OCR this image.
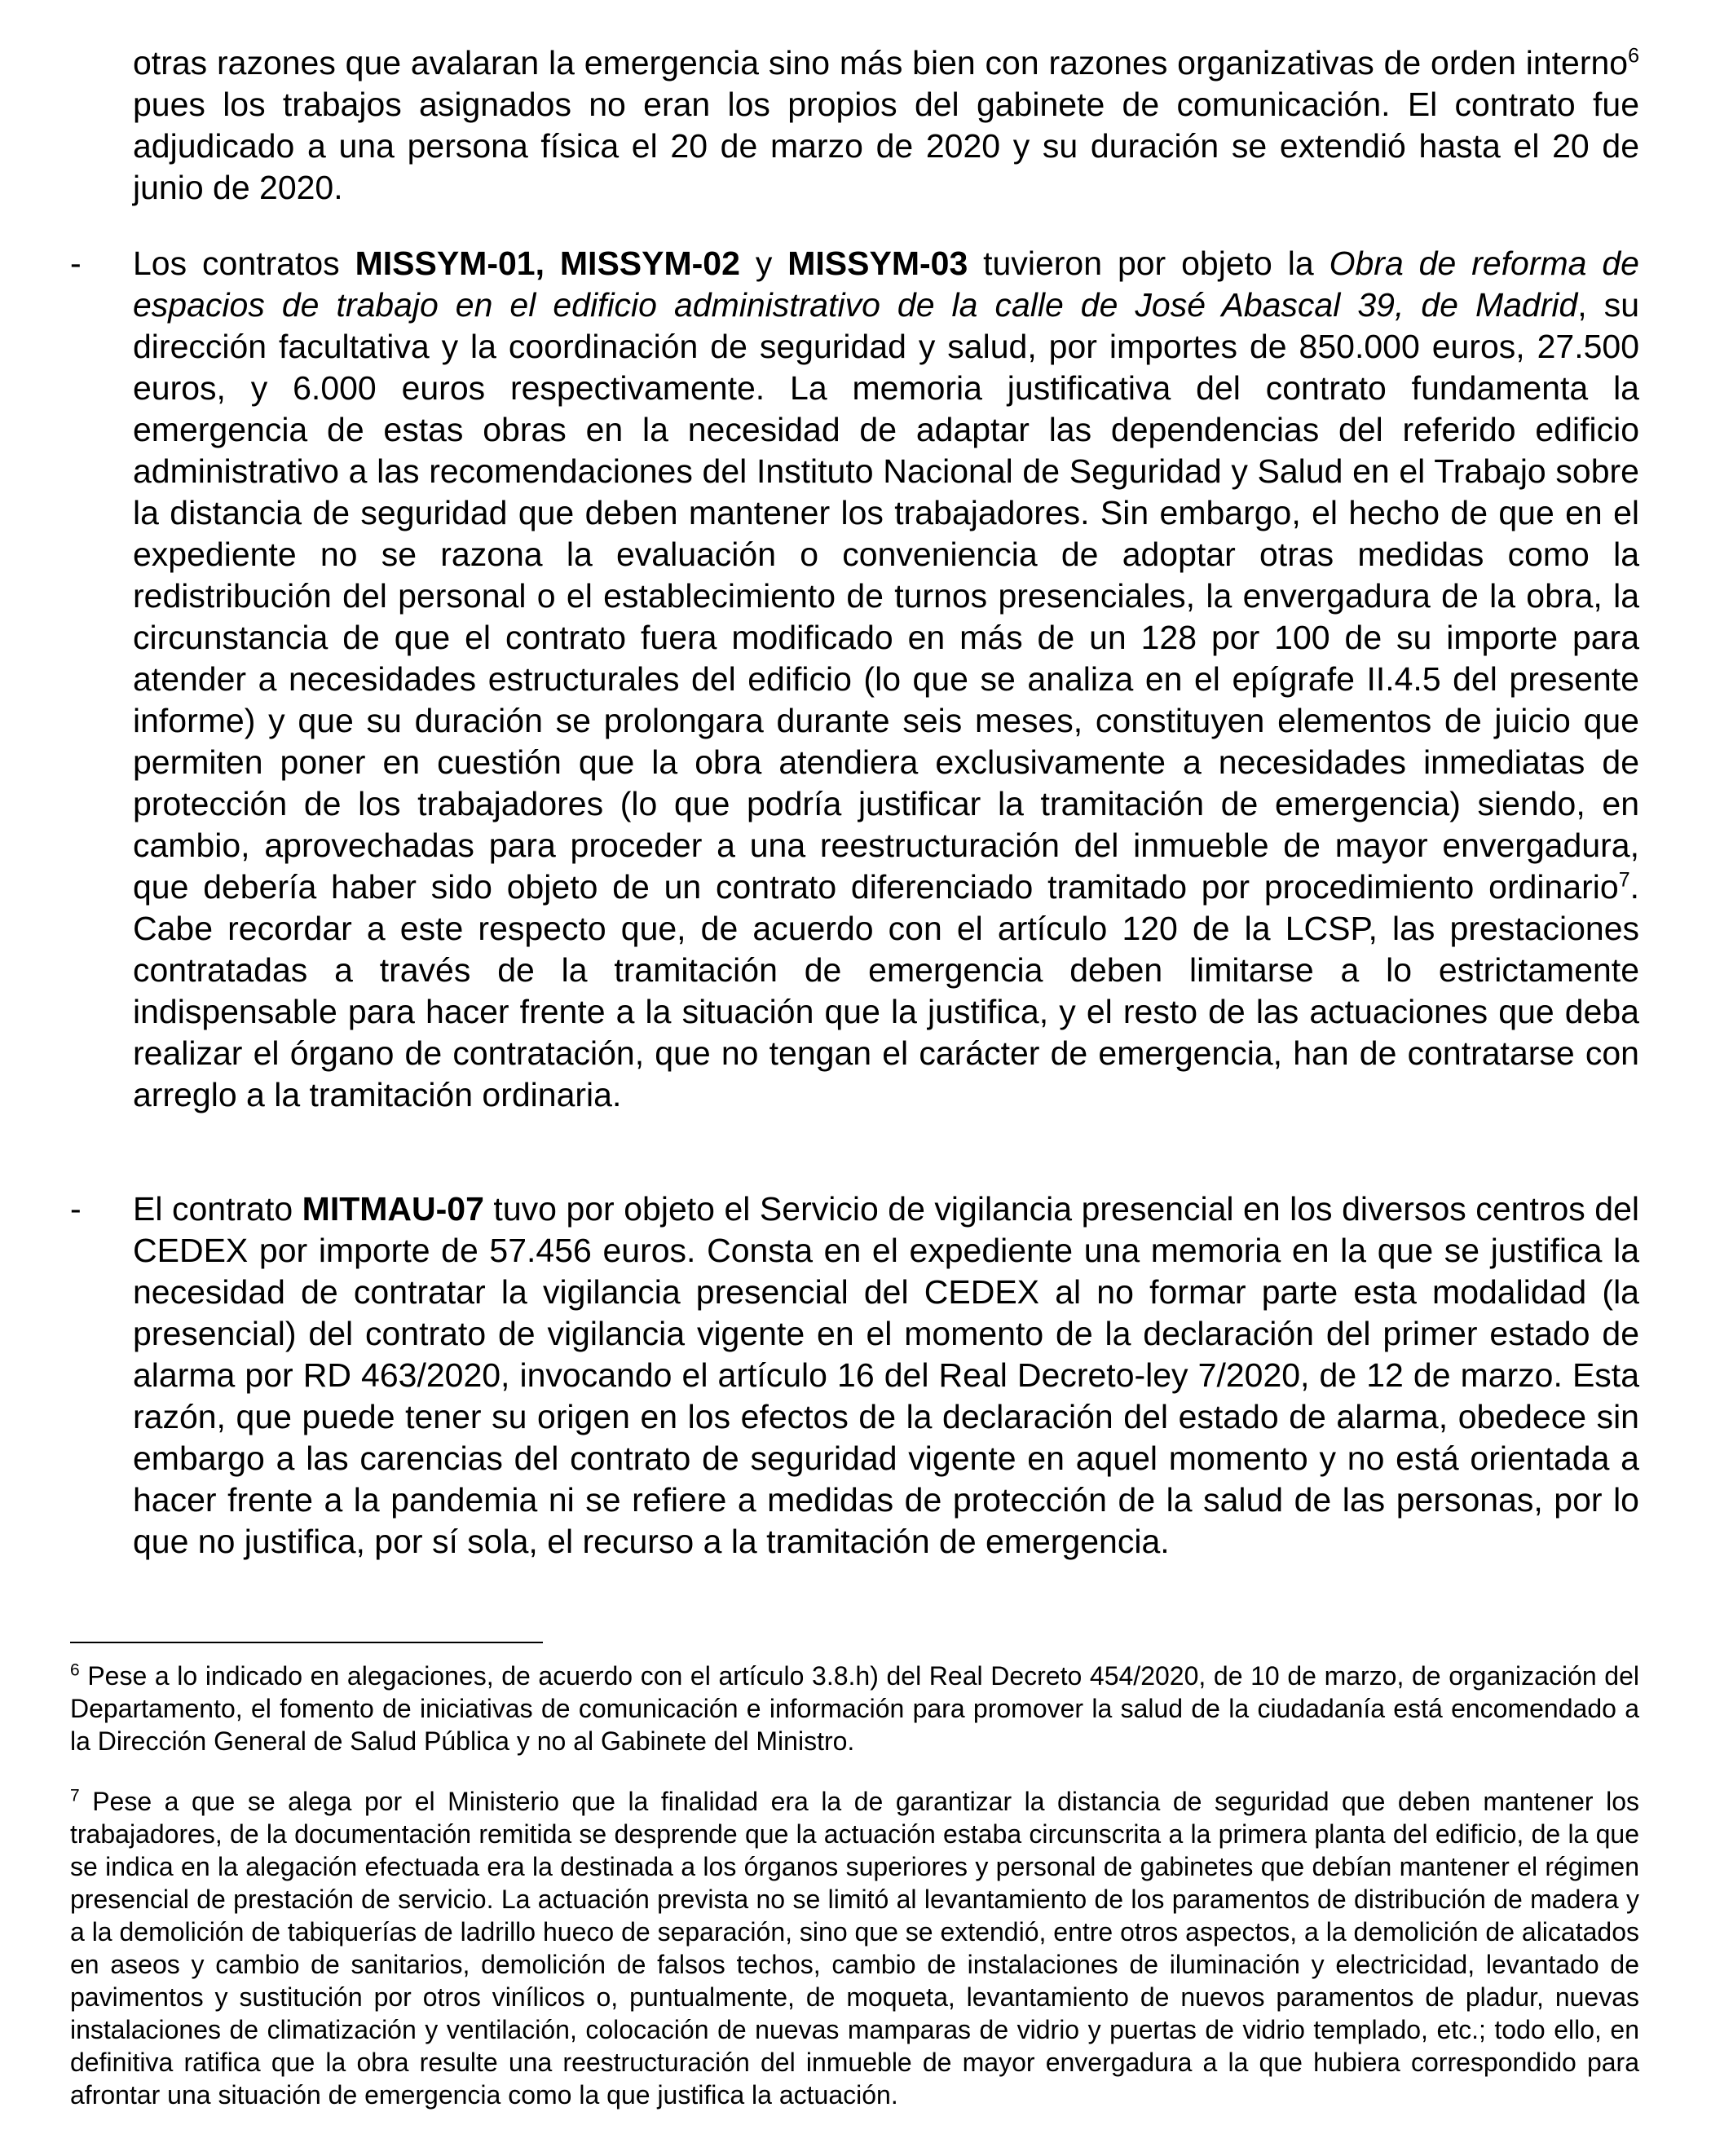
otras razones que avalaran la emergencia sino más bien con razones organizativas de orden interno$^6$ pues los trabajos asignados no eran los propios del gabinete de comunicación. El contrato fue adjudicado a una persona física el 20 de marzo de 2020 y su duración se extendió hasta el 20 de junio de 2020.
-	Los contratos MISSYM-01, MISSYM-02 y MISSYM-03 tuvieron por objeto la Obra de reforma de espacios de trabajo en el edificio administrativo de la calle de José Abascal 39, de Madrid, su dirección facultativa y la coordinación de seguridad y salud, por importes de 850.000 euros, 27.500 euros, y 6.000 euros respectivamente. La memoria justificativa del contrato fundamenta la emergencia de estas obras en la necesidad de adaptar las dependencias del referido edificio administrativo a las recomendaciones del Instituto Nacional de Seguridad y Salud en el Trabajo sobre la distancia de seguridad que deben mantener los trabajadores. Sin embargo, el hecho de que en el expediente no se razona la evaluación o conveniencia de adoptar otras medidas como la redistribución del personal o el establecimiento de turnos presenciales, la envergadura de la obra, la circunstancia de que el contrato fuera modificado en más de un 128 por 100 de su importe para atender a necesidades estructurales del edificio (lo que se analiza en el epígrafe II.4.5 del presente informe) y que su duración se prolongara durante seis meses, constituyen elementos de juicio que permiten poner en cuestión que la obra atendiera exclusivamente a necesidades inmediatas de protección de los trabajadores (lo que podría justificar la tramitación de emergencia) siendo, en cambio, aprovechadas para proceder a una reestructuración del inmueble de mayor envergadura, que debería haber sido objeto de un contrato diferenciado tramitado por procedimiento ordinario$^7$. Cabe recordar a este respecto que, de acuerdo con el artículo 120 de la LCSP, las prestaciones contratadas a través de la tramitación de emergencia deben limitarse a lo estrictamente indispensable para hacer frente a la situación que la justifica, y el resto de las actuaciones que deba realizar el órgano de contratación, que no tengan el carácter de emergencia, han de contratarse con arreglo a la tramitación ordinaria.
-	El contrato MITMAU-07 tuvo por objeto el Servicio de vigilancia presencial en los diversos centros del CEDEX por importe de 57.456 euros. Consta en el expediente una memoria en la que se justifica la necesidad de contratar la vigilancia presencial del CEDEX al no formar parte esta modalidad (la presencial) del contrato de vigilancia vigente en el momento de la declaración del primer estado de alarma por RD 463/2020, invocando el artículo 16 del Real Decreto-ley 7/2020, de 12 de marzo. Esta razón, que puede tener su origen en los efectos de la declaración del estado de alarma, obedece sin embargo a las carencias del contrato de seguridad vigente en aquel momento y no está orientada a hacer frente a la pandemia ni se refiere a medidas de protección de la salud de las personas, por lo que no justifica, por sí sola, el recurso a la tramitación de emergencia.
$^6$ Pese a lo indicado en alegaciones, de acuerdo con el artículo 3.8.h) del Real Decreto 454/2020, de 10 de marzo, de organización del Departamento, el fomento de iniciativas de comunicación e información para promover la salud de la ciudadanía está encomendado a la Dirección General de Salud Pública y no al Gabinete del Ministro.
$^7$ Pese a que se alega por el Ministerio que la finalidad era la de garantizar la distancia de seguridad que deben mantener los trabajadores, de la documentación remitida se desprende que la actuación estaba circunscrita a la primera planta del edificio, de la que se indica en la alegación efectuada era la destinada a los órganos superiores y personal de gabinetes que debían mantener el régimen presencial de prestación de servicio. La actuación prevista no se limitó al levantamiento de los paramentos de distribución de madera y a la demolición de tabiquerías de ladrillo hueco de separación, sino que se extendió, entre otros aspectos, a la demolición de alicatados en aseos y cambio de sanitarios, demolición de falsos techos, cambio de instalaciones de iluminación y electricidad, levantado de pavimentos y sustitución por otros vinílicos o, puntualmente, de moqueta, levantamiento de nuevos paramentos de pladur, nuevas instalaciones de climatización y ventilación, colocación de nuevas mamparas de vidrio y puertas de vidrio templado, etc.; todo ello, en definitiva ratifica que la obra resulte una reestructuración del inmueble de mayor envergadura a la que hubiera correspondido para afrontar una situación de emergencia como la que justifica la actuación.
